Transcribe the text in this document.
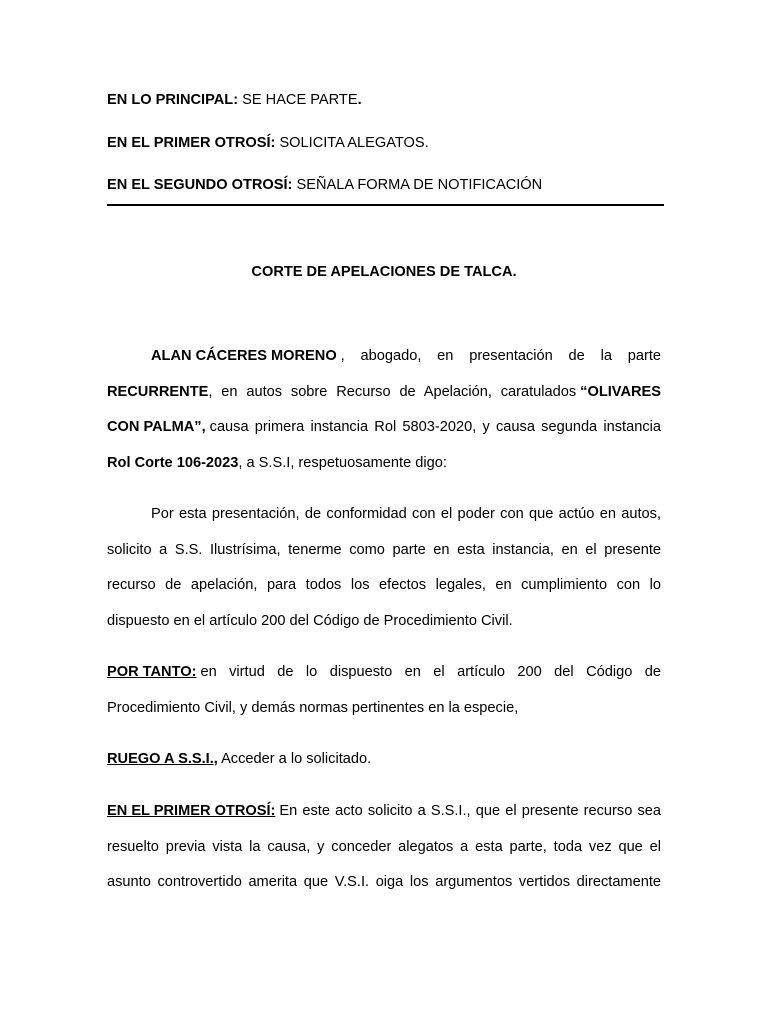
EN LO PRINCIPAL: SE HACE PARTE.
EN EL PRIMER OTROSÍ: SOLICITA ALEGATOS.
EN EL SEGUNDO OTROSÍ: SEÑALA FORMA DE NOTIFICACIÓN
CORTE DE APELACIONES DE TALCA.
ALAN CÁCERES MORENO , abogado, en presentación de la parte
RECURRENTE , en autos sobre Recurso de Apelación, caratulados “OLIVARES
CON PALMA”, causa primera instancia Rol 5803-2020, y causa segunda instancia
Rol Corte 106-2023, a S.S.I, respetuosamente digo:
Por esta presentación, de conformidad con el poder con que actúo en autos,
solicito a S.S. Ilustrísima, tenerme como parte en esta instancia, en el presente
recurso de apelación, para todos los efectos legales, en cumplimiento con lo
dispuesto en el artículo 200 del Código de Procedimiento Civil.
POR TANTO: en virtud de lo dispuesto en el artículo 200 del Código de
Procedimiento Civil, y demás normas pertinentes en la especie,
RUEGO A S.S.I., Acceder a lo solicitado.
EN EL PRIMER OTROSÍ: En este acto solicito a S.S.I., que el presente recurso sea
resuelto previa vista la causa, y conceder alegatos a esta parte, toda vez que el
asunto controvertido amerita que V.S.I. oiga los argumentos vertidos directamente
